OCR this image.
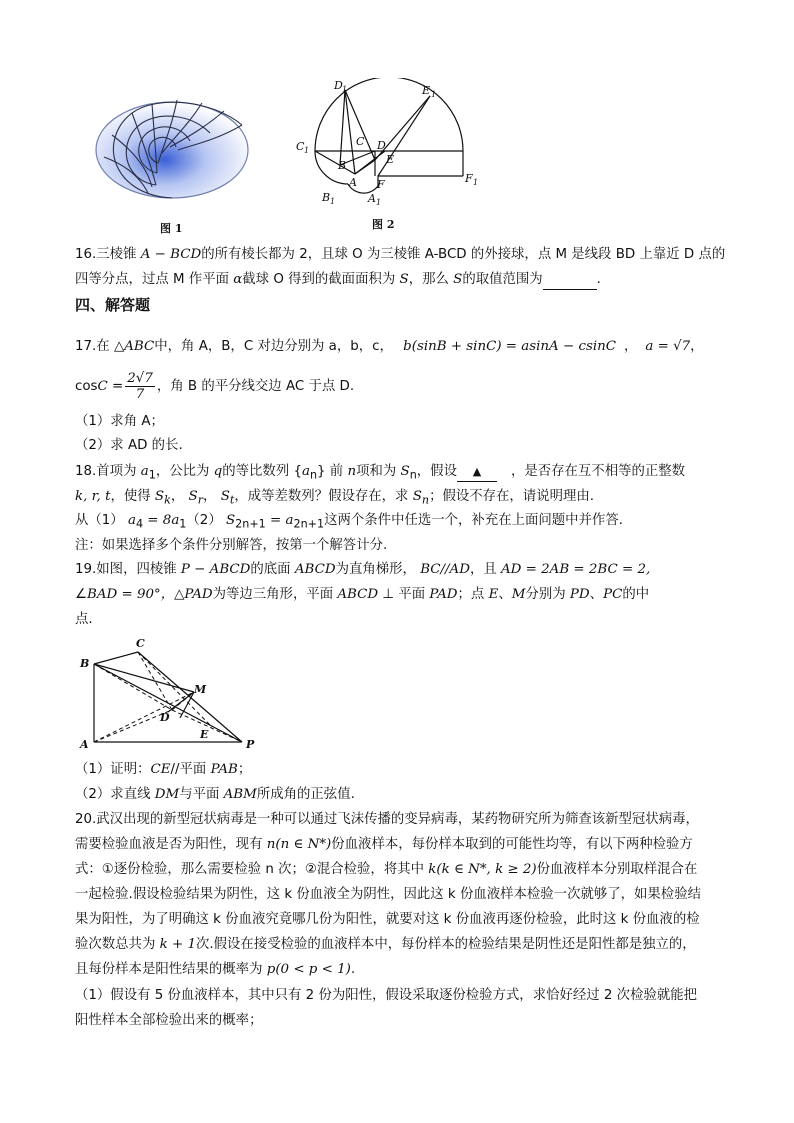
图 1
D 1	E 1
C 1
B 1	A 1
F 1
C D
B	E
A F
图 2
16.三棱锥 A − BCD的所有棱长都为 2，且球 O 为三棱锥 A-BCD 的外接球，点 M 是线段 BD 上靠近 D 点的
四等分点，过点 M 作平面 α截球 O 得到的截面面积为 S，那么 S的取值范围为	.
四、解答题
17.在 △ABC中，角 A，B，C 对边分别为 a，b，c， b(sinB + sinC) = asinA − csinC ， a = √7，
$\cos C = \frac{2√7}{7}$ ，角 B 的平分线交边 AC 于点 D.
（1）求角 A；
（2）求 AD 的长.
18.首项为 $a_1$，公比为 q的等比数列 $\{a_n\}$ 前 n项和为 $S_n$，假设 ▲ ，是否存在互不相等的正整数
k, r, t，使得 $S_k$， $S_r$， $S_t$，成等差数列？假设存在，求 $S_n$；假设不存在，请说明理由.
从（1） $a_4 = 8a_1(2) S_{2n+1} = a_{2n+1}$这两个条件中任选一个，补充在上面问题中并作答.
注：如果选择多个条件分别解答，按第一个解答计分.
19.如图，四棱锥 P − ABCD的底面 ABCD为直角梯形， BC//AD，且 AD = 2AB = 2BC = 2,
∠BAD = 90°，△PAD为等边三角形，平面 ABCD ⊥ 平面 PAD；点 E、M分别为 PD、PC的中
点.
B
C
M
D
E
A	P
（1）证明：CE//平面 PAB；
（2）求直线 DM与平面 ABM所成角的正弦值.
20.武汉出现的新型冠状病毒是一种可以通过飞沫传播的变异病毒，某药物研究所为筛查该新型冠状病毒，
需要检验血液是否为阳性，现有 n(n ∈ N*)份血液样本，每份样本取到的可能性均等，有以下两种检验方
式：①逐份检验，那么需要检验 n 次；②混合检验，将其中 k(k ∈ N*, k ≥ 2)份血液样本分别取样混合在
一起检验.假设检验结果为阴性，这 k 份血液全为阴性，因此这 k 份血液样本检验一次就够了，如果检验结
果为阳性，为了明确这 k 份血液究竟哪几份为阳性，就要对这 k 份血液再逐份检验，此时这 k 份血液的检
验次数总共为 k + 1次.假设在接受检验的血液样本中，每份样本的检验结果是阴性还是阳性都是独立的，
且每份样本是阳性结果的概率为 p(0 < p < 1).
（1）假设有 5 份血液样本，其中只有 2 份为阳性，假设采取逐份检验方式，求恰好经过 2 次检验就能把
阳性样本全部检验出来的概率；
